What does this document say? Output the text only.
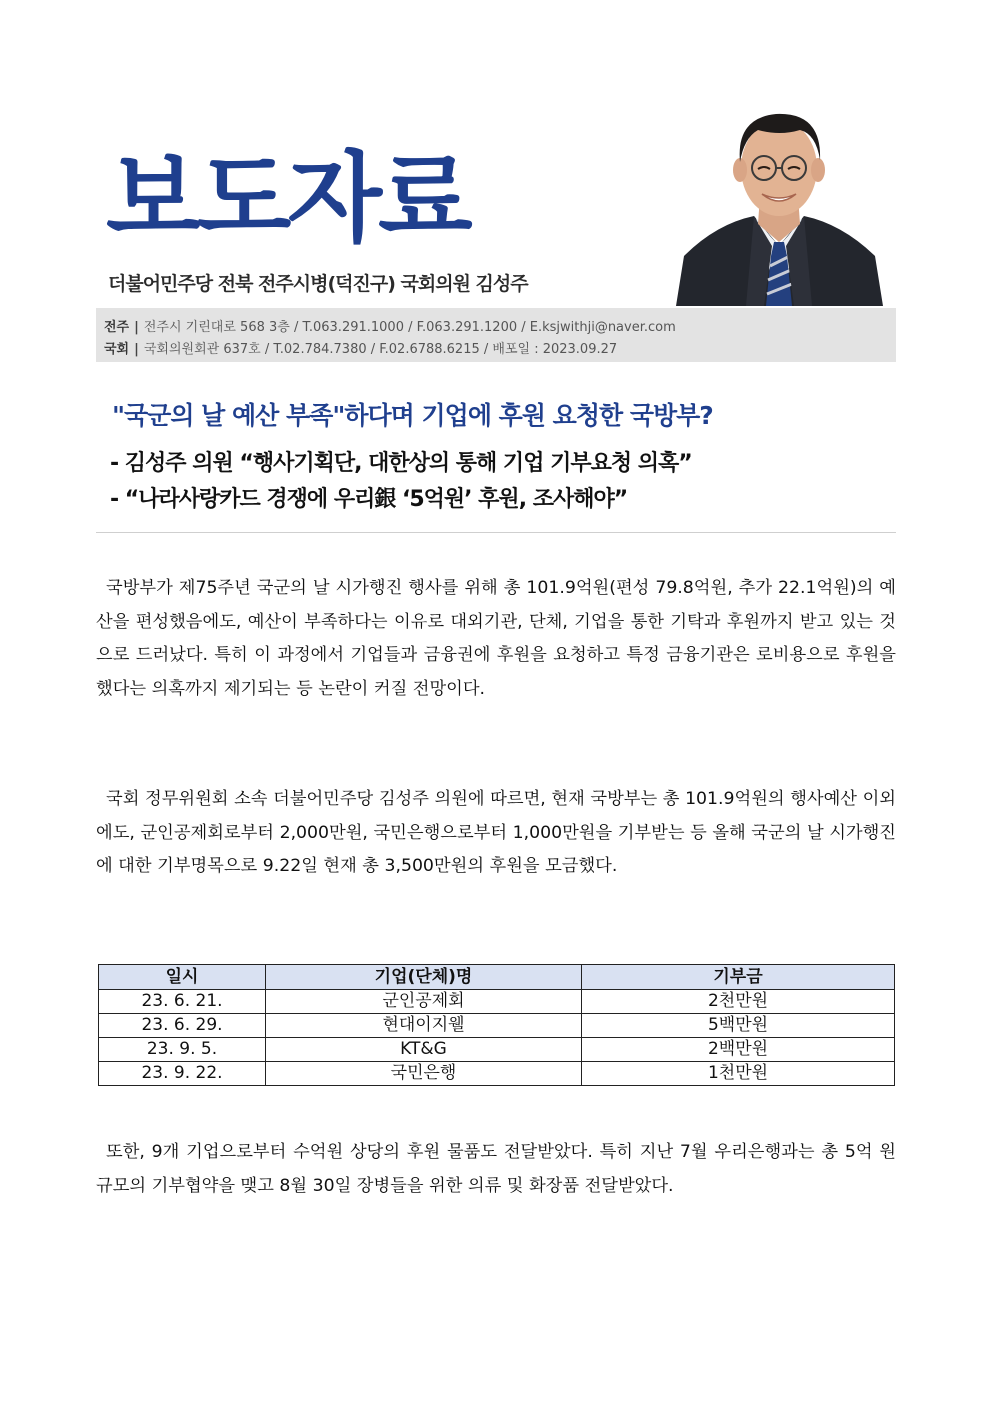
보도자료
더불어민주당 전북 전주시병(덕진구) 국회의원 김성주
전주 | 전주시 기린대로 568 3층 / T.063.291.1000 / F.063.291.1200 / E.ksjwithji@naver.com
국회 | 국회의원회관 637호 / T.02.784.7380 / F.02.6788.6215 / 배포일 : 2023.09.27
"국군의 날 예산 부족"하다며 기업에 후원 요청한 국방부?
- 김성주 의원 “행사기획단, 대한상의 통해 기업 기부요청 의혹”
- “나라사랑카드 경쟁에 우리銀 ‘5억원’ 후원, 조사해야”

국방부가 제75주년 국군의 날 시가행진 행사를 위해 총 101.9억원(편성 79.8억원, 추가 22.1억원)의 예산을 편성했음에도, 예산이 부족하다는 이유로 대외기관, 단체, 기업을 통한 기탁과 후원까지 받고 있는 것으로 드러났다. 특히 이 과정에서 기업들과 금융권에 후원을 요청하고 특정 금융기관은 로비용으로 후원을 했다는 의혹까지 제기되는 등 논란이 커질 전망이다.

국회 정무위원회 소속 더불어민주당 김성주 의원에 따르면, 현재 국방부는 총 101.9억원의 행사예산 이외에도, 군인공제회로부터 2,000만원, 국민은행으로부터 1,000만원을 기부받는 등 올해 국군의 날 시가행진에 대한 기부명목으로 9.22일 현재 총 3,500만원의 후원을 모금했다.

일시	기업(단체)명	기부금
23. 6. 21.	군인공제회	2천만원
23. 6. 29.	현대이지웰	5백만원
23. 9. 5.	KT&G	2백만원
23. 9. 22.	국민은행	1천만원

또한, 9개 기업으로부터 수억원 상당의 후원 물품도 전달받았다. 특히 지난 7월 우리은행과는 총 5억 원 규모의 기부협약을 맺고 8월 30일 장병들을 위한 의류 및 화장품 전달받았다.
